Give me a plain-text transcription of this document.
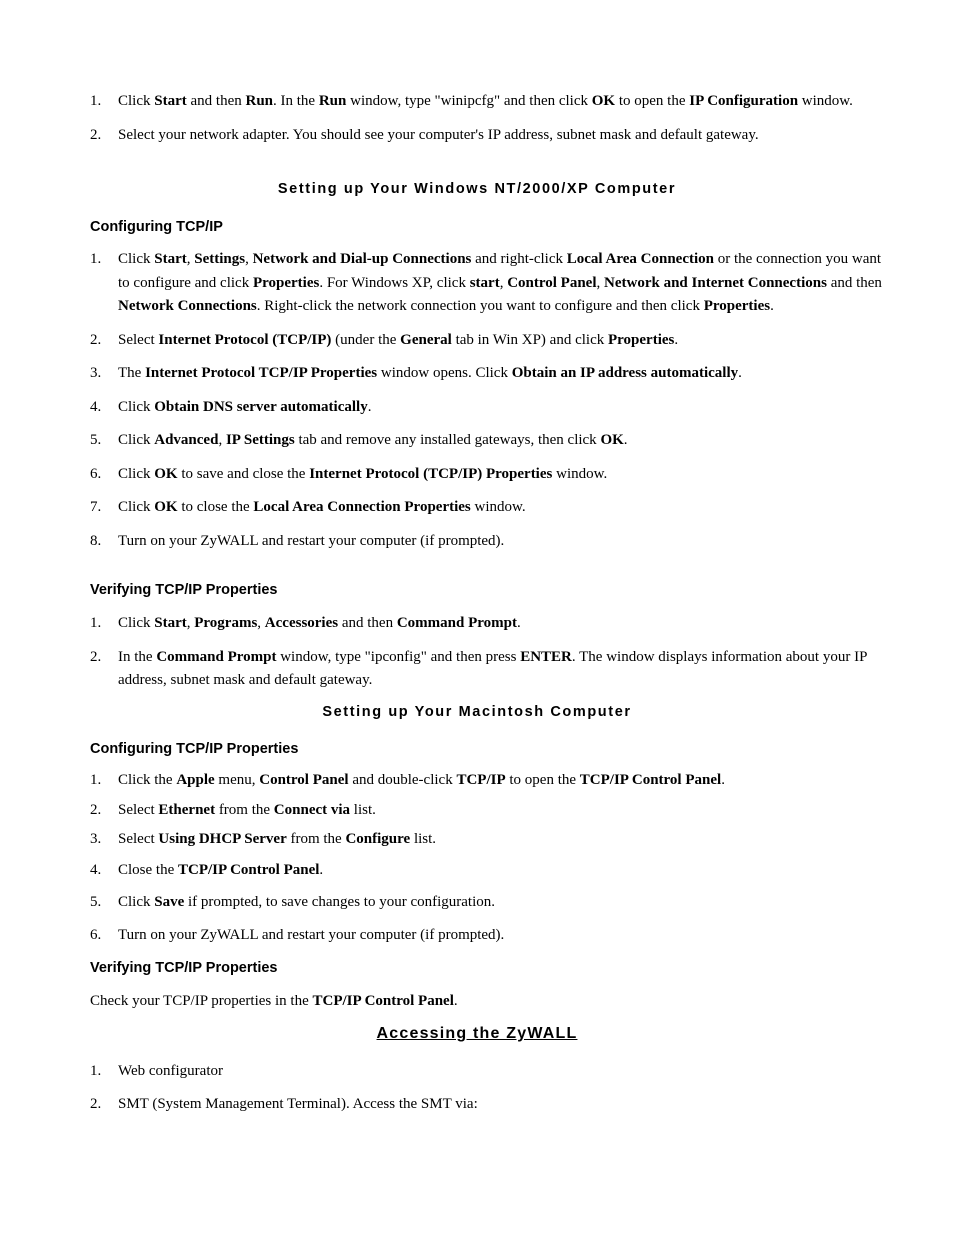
1. Click Start and then Run. In the Run window, type "winipcfg" and then click OK to open the IP Configuration window.
2. Select your network adapter. You should see your computer's IP address, subnet mask and default gateway.
Setting up Your Windows NT/2000/XP Computer
Configuring TCP/IP
1. Click Start, Settings, Network and Dial-up Connections and right-click Local Area Connection or the connection you want to configure and click Properties. For Windows XP, click start, Control Panel, Network and Internet Connections and then Network Connections. Right-click the network connection you want to configure and then click Properties.
2. Select Internet Protocol (TCP/IP) (under the General tab in Win XP) and click Properties.
3. The Internet Protocol TCP/IP Properties window opens. Click Obtain an IP address automatically.
4. Click Obtain DNS server automatically.
5. Click Advanced, IP Settings tab and remove any installed gateways, then click OK.
6. Click OK to save and close the Internet Protocol (TCP/IP) Properties window.
7. Click OK to close the Local Area Connection Properties window.
8. Turn on your ZyWALL and restart your computer (if prompted).
Verifying TCP/IP Properties
1. Click Start, Programs, Accessories and then Command Prompt.
2. In the Command Prompt window, type "ipconfig" and then press ENTER. The window displays information about your IP address, subnet mask and default gateway.
Setting up Your Macintosh Computer
Configuring TCP/IP Properties
1. Click the Apple menu, Control Panel and double-click TCP/IP to open the TCP/IP Control Panel.
2. Select Ethernet from the Connect via list.
3. Select Using DHCP Server from the Configure list.
4. Close the TCP/IP Control Panel.
5. Click Save if prompted, to save changes to your configuration.
6. Turn on your ZyWALL and restart your computer (if prompted).
Verifying TCP/IP Properties

Check your TCP/IP properties in the TCP/IP Control Panel.

Accessing the ZyWALL
1. Web configurator
2. SMT (System Management Terminal). Access the SMT via:
